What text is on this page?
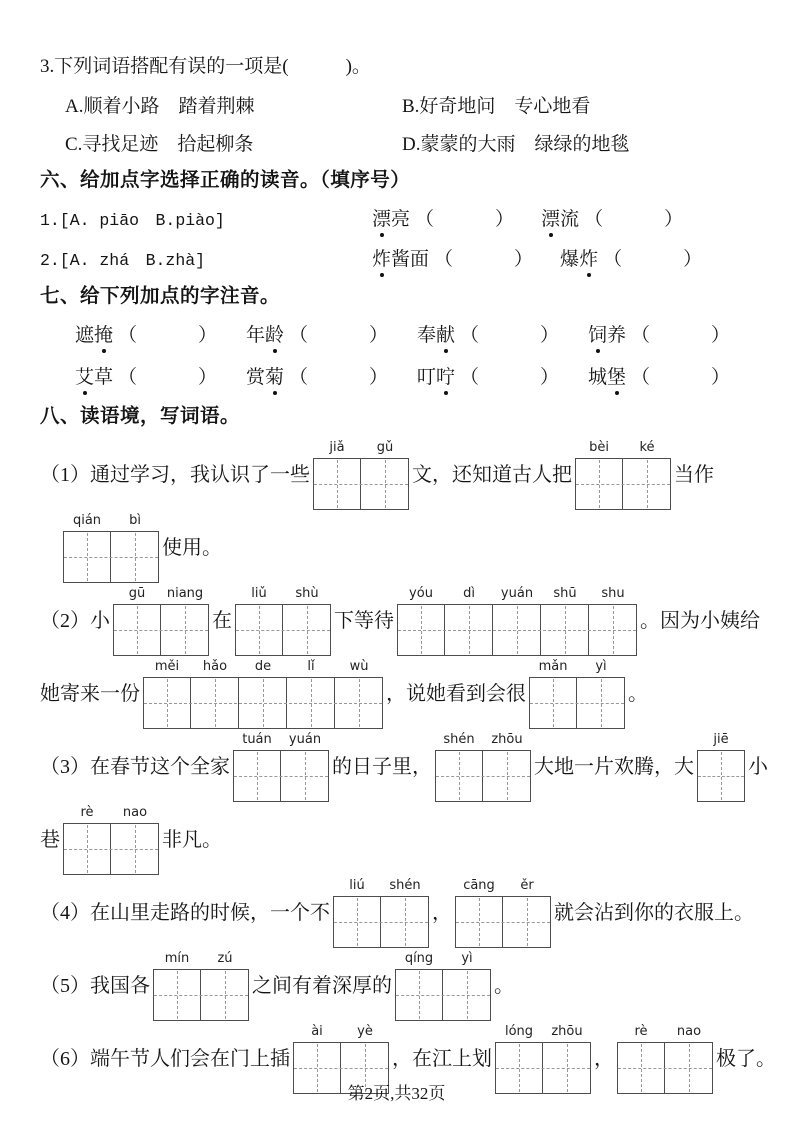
3.下列词语搭配有误的一项是(　　　)。
A.顺着小路　踏着荆棘	B.好奇地问　专心地看
C.寻找足迹　拾起柳条	D.蒙蒙的大雨　绿绿的地毯
六、给加点字选择正确的读音。（填序号）
1.[A. piāo　B.piào]	漂亮 （　　　） 漂流 （　　　）
2.[A. zhá　B.zhà]	炸酱面 （　　　） 爆炸 （　　　）
七、给下列加点的字注音。
遮掩 （　　　）	年龄 （　　　）	奉献 （　　　）	饲养 （　　　）
艾草 （　　　）	赏菊 （　　　）	叮咛 （　　　）	城堡 （　　　）
八、读语境，写词语。
（1）通过学习，我认识了一些
jiǎ	gǔ
文，还知道古人把
bèi	ké
当作
qián	bì
使用。
（2）小
gū	niang
在
liǔ	shù
下等待
yóu	dì	yuán	shū	shu
。因为小姨给
她寄来一份
měi	hǎo	de	lǐ	wù
，说她看到会很
mǎn	yì
。
（3）在春节这个全家
tuán	yuán
的日子里，
shén	zhōu
大地一片欢腾，大
jiē
小
巷
rè	nao
非凡。
（4）在山里走路的时候，一个不
liú	shén
，
cāng	ěr
就会沾到你的衣服上。
（5）我国各
mín	zú
之间有着深厚的
qíng	yì
。
（6）端午节人们会在门上插
ài	yè
，在江上划
lóng	zhōu
，
rè	nao
极了。
第2页,共32页
